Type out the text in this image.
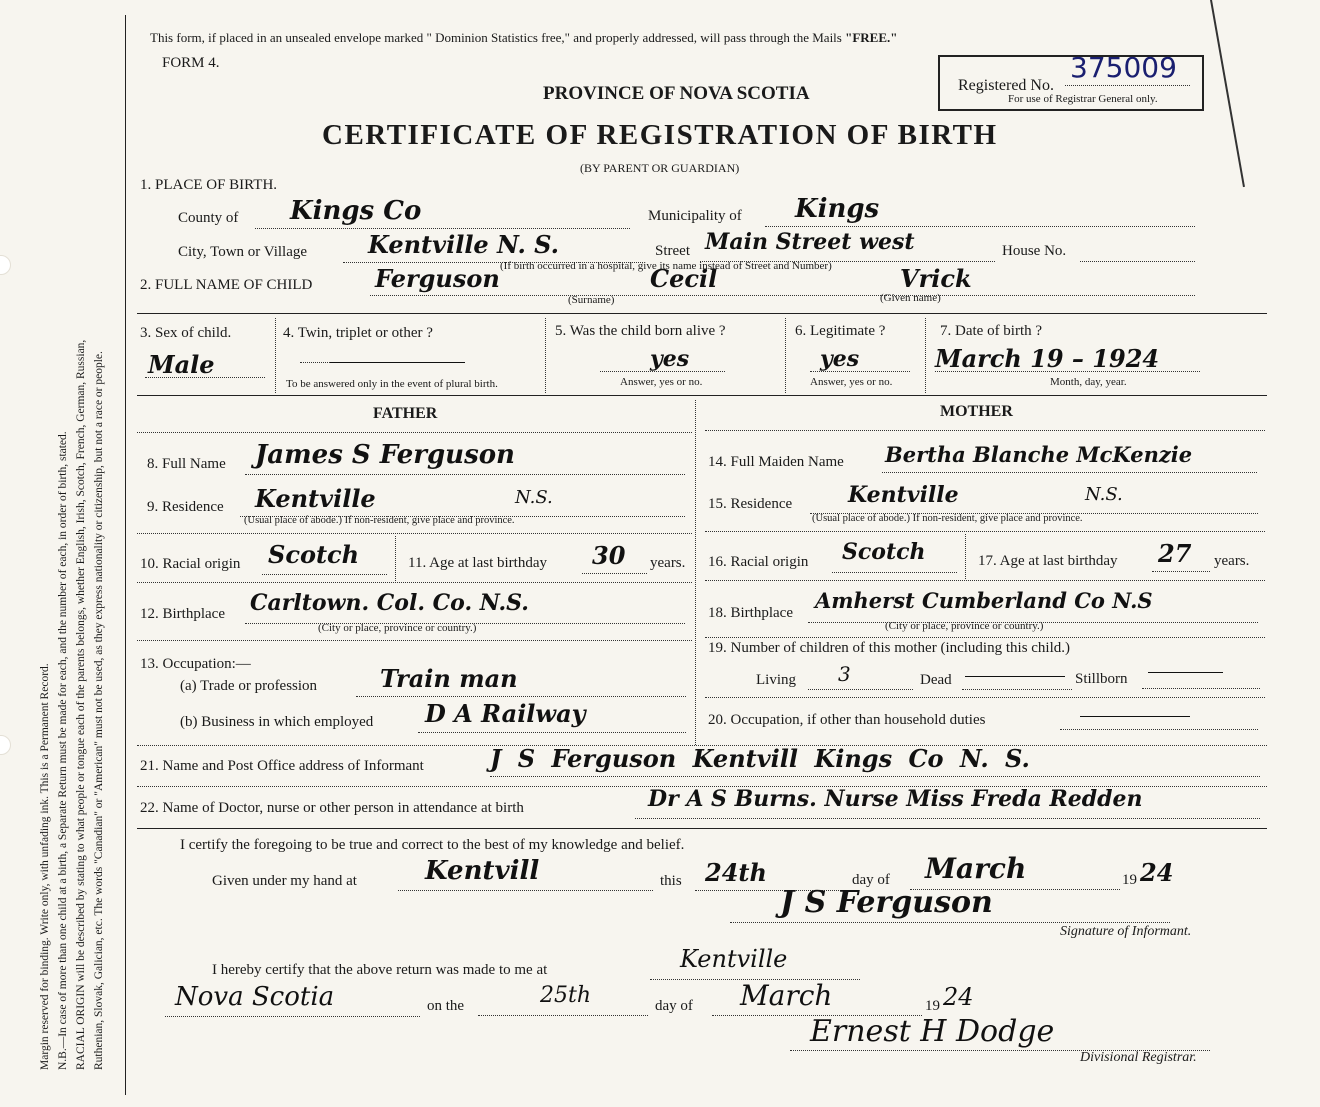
Margin reserved for binding. Write only, with unfading ink. This is a Permanent Record. N.B.—In case of more than one child at a birth, a Separate Return must be made for each, and the number of each, in order of birth, stated. RACIAL ORIGIN will be described by stating to what people or tongue each of the parents belongs, whether English, Irish, Scotch, French, German, Russian, Ruthenian, Slovak, Galician, etc. The words "Canadian" or "American" must not be used, as they express nationality or citizenship, but not a race or people.
This form, if placed in an unsealed envelope marked " Dominion Statistics free," and properly addressed, will pass through the Mails "FREE."
FORM 4.
Registered No.
375009
For use of Registrar General only.
PROVINCE OF NOVA SCOTIA
CERTIFICATE OF REGISTRATION OF BIRTH
(BY PARENT OR GUARDIAN)
1. PLACE OF BIRTH.
County of Kings Co	Municipality of Kings
City, Town or Village	Kentville N. S.	Street Main Street west	House No.
(If birth occurred in a hospital, give its name instead of Street and Number)
2. FULL NAME OF CHILD	Ferguson	Cecil	Vrick
(Surname)	(Given name)
3. Sex of child.
Male
4. Twin, triplet or other ?
To be answered only in the event of plural birth.
5. Was the child born alive ?
yes
Answer, yes or no.
6. Legitimate ?
yes
Answer, yes or no.
7. Date of birth ?
March 19 – 1924
Month, day, year.
FATHER	MOTHER
8. Full Name James S Ferguson
9. Residence Kentville	N.S.
(Usual place of abode.) If non-resident, give place and province.
10. Racial origin Scotch	11. Age at last birthday 30 years.
12. Birthplace Carltown. Col. Co. N.S.
(City or place, province or country.)
13. Occupation:—
(a) Trade or profession	Train man
(b) Business in which employed D A Railway
14. Full Maiden Name Bertha Blanche McKenzie
15. Residence	Kentville	N.S.
(Usual place of abode.) If non-resident, give place and province.
16. Racial origin Scotch	17. Age at last birthday 27 years.
18. Birthplace Amherst Cumberland Co N.S
(City or place, province or country.)
19. Number of children of this mother (including this child.)
Living 3	Dead	Stillborn
20. Occupation, if other than household duties
21. Name and Post Office address of Informant	J S Ferguson Kentvill Kings Co N. S.
22. Name of Doctor, nurse or other person in attendance at birth	Dr A S Burns. Nurse Miss Freda Redden
I certify the foregoing to be true and correct to the best of my knowledge and belief.
Given under my hand at	Kentvill	this 24th	day of March	19 24
J S Ferguson
Signature of Informant.
I hereby certify that the above return was made to me at	Kentville
Nova Scotia	on the	25th	day of March	19 24
Ernest H Dodge
Divisional Registrar.
